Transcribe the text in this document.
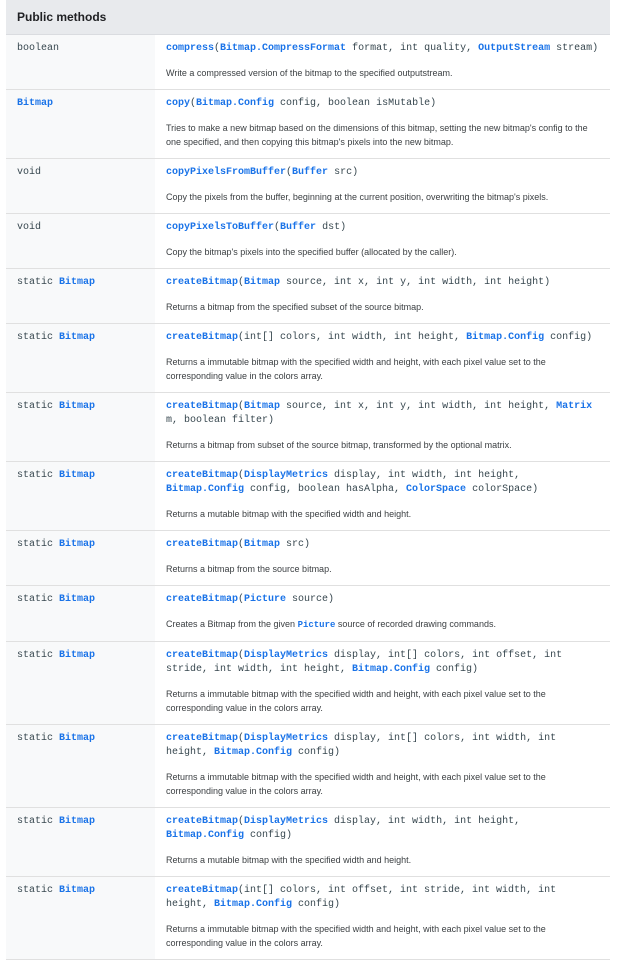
Public methods
boolean	compress(Bitmap.CompressFormat format, int quality, OutputStream stream)
Write a compressed version of the bitmap to the specified outputstream.
Bitmap	copy(Bitmap.Config config, boolean isMutable)
Tries to make a new bitmap based on the dimensions of this bitmap, setting the new bitmap's config to the one specified, and then copying this bitmap's pixels into the new bitmap.
void	copyPixelsFromBuffer(Buffer src)
Copy the pixels from the buffer, beginning at the current position, overwriting the bitmap's pixels.
void	copyPixelsToBuffer(Buffer dst)
Copy the bitmap's pixels into the specified buffer (allocated by the caller).
static Bitmap	createBitmap(Bitmap source, int x, int y, int width, int height)
Returns a bitmap from the specified subset of the source bitmap.
static Bitmap	createBitmap(int[] colors, int width, int height, Bitmap.Config config)
Returns a immutable bitmap with the specified width and height, with each pixel value set to the corresponding value in the colors array.
static Bitmap	createBitmap(Bitmap source, int x, int y, int width, int height, Matrix m, boolean filter)
Returns a bitmap from subset of the source bitmap, transformed by the optional matrix.
static Bitmap	createBitmap(DisplayMetrics display, int width, int height, Bitmap.Config config, boolean hasAlpha, ColorSpace colorSpace)
Returns a mutable bitmap with the specified width and height.
static Bitmap	createBitmap(Bitmap src)
Returns a bitmap from the source bitmap.
static Bitmap	createBitmap(Picture source)
Creates a Bitmap from the given Picture source of recorded drawing commands.
static Bitmap	createBitmap(DisplayMetrics display, int[] colors, int offset, int stride, int width, int height, Bitmap.Config config)
Returns a immutable bitmap with the specified width and height, with each pixel value set to the corresponding value in the colors array.
static Bitmap	createBitmap(DisplayMetrics display, int[] colors, int width, int height, Bitmap.Config config)
Returns a immutable bitmap with the specified width and height, with each pixel value set to the corresponding value in the colors array.
static Bitmap	createBitmap(DisplayMetrics display, int width, int height, Bitmap.Config config)
Returns a mutable bitmap with the specified width and height.
static Bitmap	createBitmap(int[] colors, int offset, int stride, int width, int height, Bitmap.Config config)
Returns a immutable bitmap with the specified width and height, with each pixel value set to the corresponding value in the colors array.
